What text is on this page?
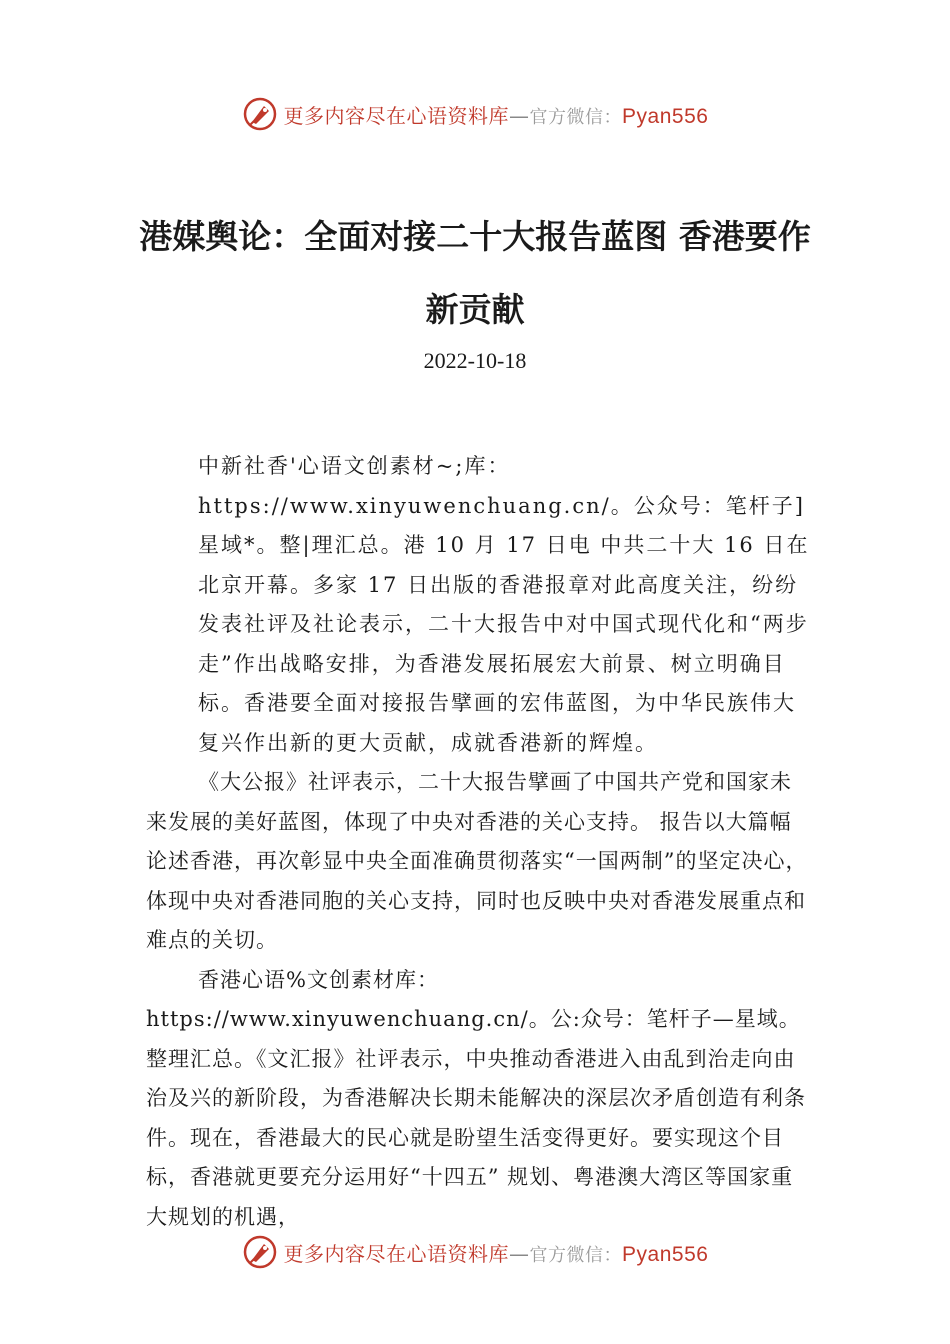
更多内容尽在心语资料库—官方微信：Pyan556
港媒舆论：全面对接二十大报告蓝图 香港要作新贡献
2022-10-18

中新社香'心语文创素材~;库：https://www.xinyuwenchuang.cn/。公众号：笔杆子]星域*。整|理汇总。港 10 月 17 日电 中共二十大 16 日在北京开幕。多家 17 日出版的香港报章对此高度关注，纷纷发表社评及社论表示，二十大报告中对中国式现代化和“两步走”作出战略安排，为香港发展拓展宏大前景、树立明确目标。香港要全面对接报告擘画的宏伟蓝图，为中华民族伟大复兴作出新的更大贡献，成就香港新的辉煌。

《大公报》社评表示，二十大报告擘画了中国共产党和国家未来发展的美好蓝图，体现了中央对香港的关心支持。 报告以大篇幅论述香港，再次彰显中央全面准确贯彻落实“一国两制”的坚定决心，体现中央对香港同胞的关心支持，同时也反映中央对香港发展重点和难点的关切。

香港心语%文创素材库：https://www.xinyuwenchuang.cn/。公:众号：笔杆子—星域。整理汇总。《文汇报》社评表示，中央推动香港进入由乱到治走向由治及兴的新阶段，为香港解决长期未能解决的深层次矛盾创造有利条件。现在，香港最大的民心就是盼望生活变得更好。要实现这个目标，香港就更要充分运用好“十四五” 规划、粤港澳大湾区等国家重大规划的机遇，

更多内容尽在心语资料库—官方微信：Pyan556
